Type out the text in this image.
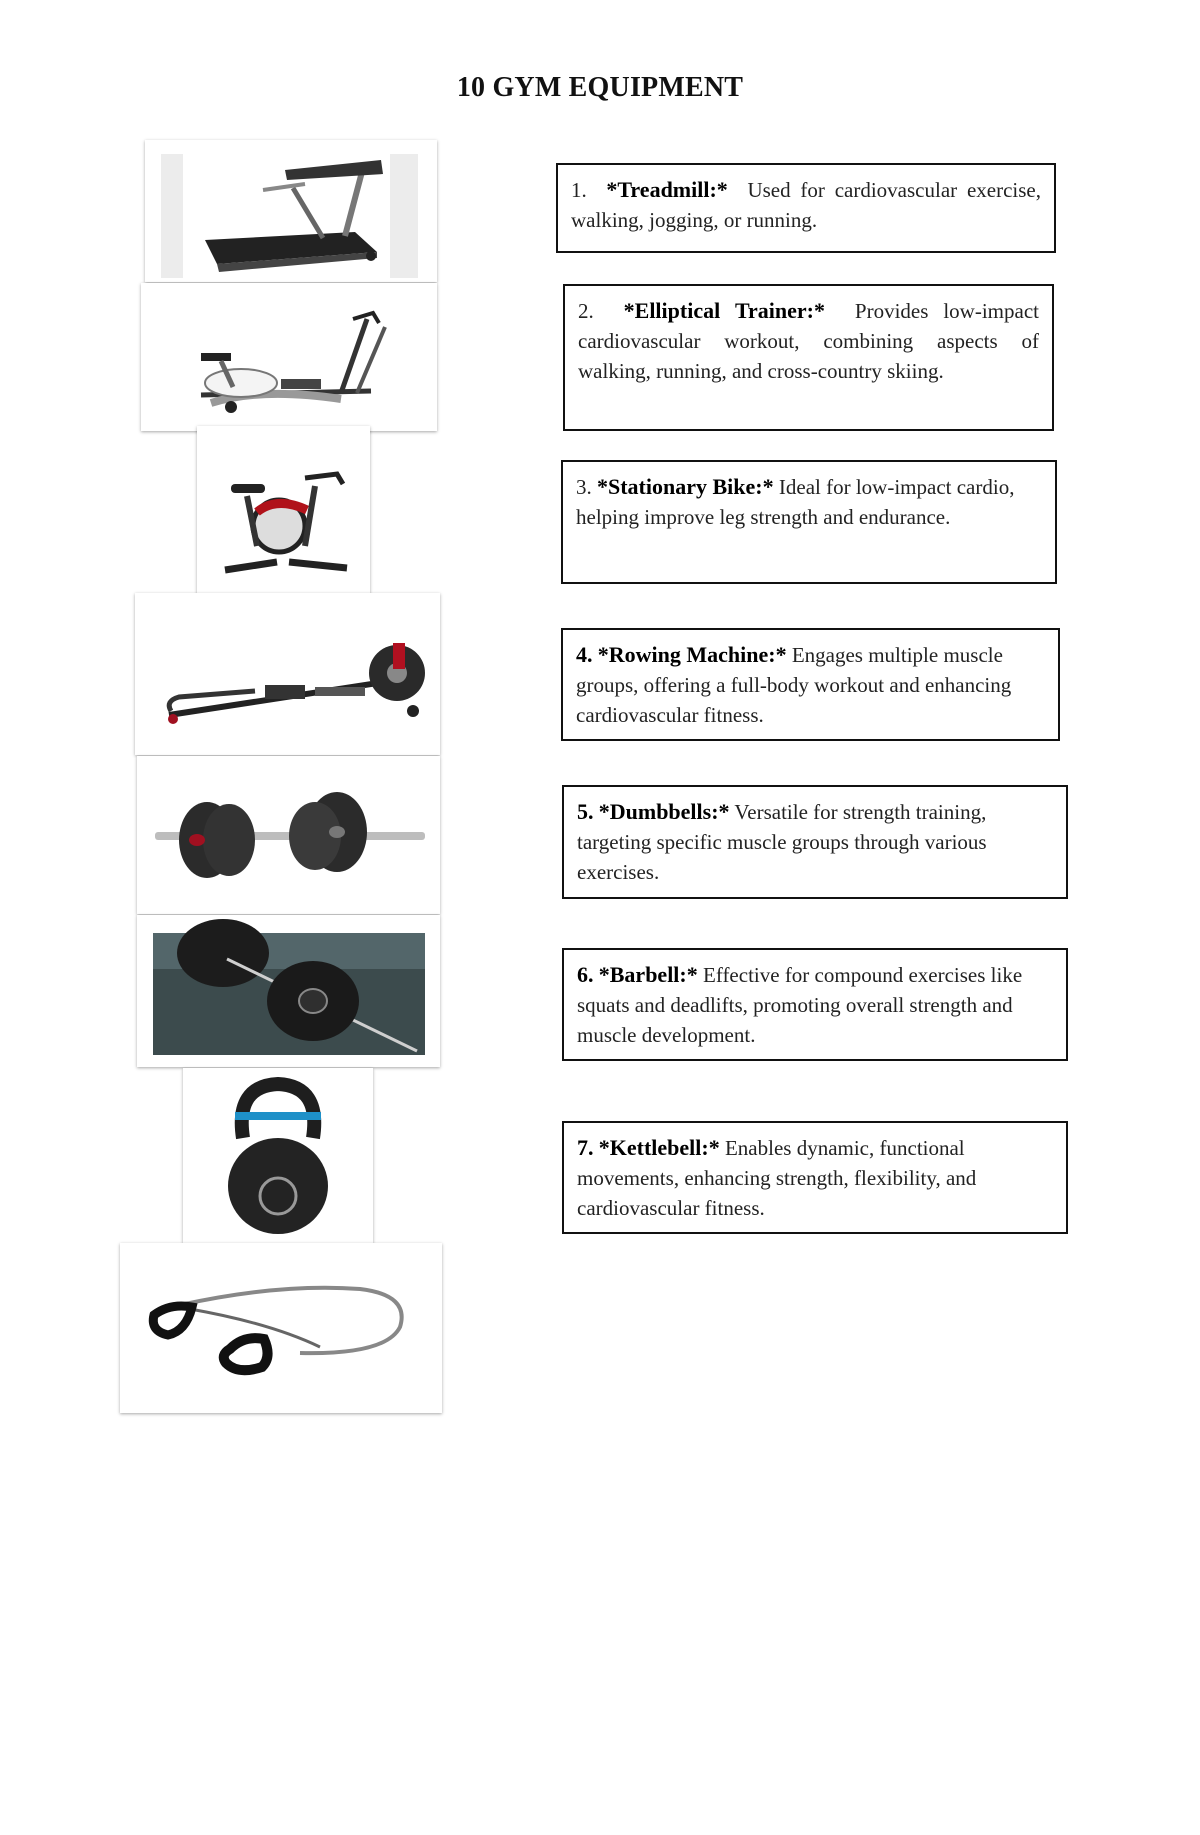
10 GYM EQUIPMENT
1. *Treadmill:* Used for cardiovascular exercise, walking, jogging, or running.
2. *Elliptical Trainer:* Provides low-impact cardiovascular workout, combining aspects of walking, running, and cross-country skiing.
3. *Stationary Bike:* Ideal for low-impact cardio, helping improve leg strength and endurance.
4. *Rowing Machine:* Engages multiple muscle groups, offering a full-body workout and enhancing cardiovascular fitness.
5. *Dumbbells:* Versatile for strength training, targeting specific muscle groups through various exercises.
6. *Barbell:* Effective for compound exercises like squats and deadlifts, promoting overall strength and muscle development.
7. *Kettlebell:* Enables dynamic, functional movements, enhancing strength, flexibility, and cardiovascular fitness.
